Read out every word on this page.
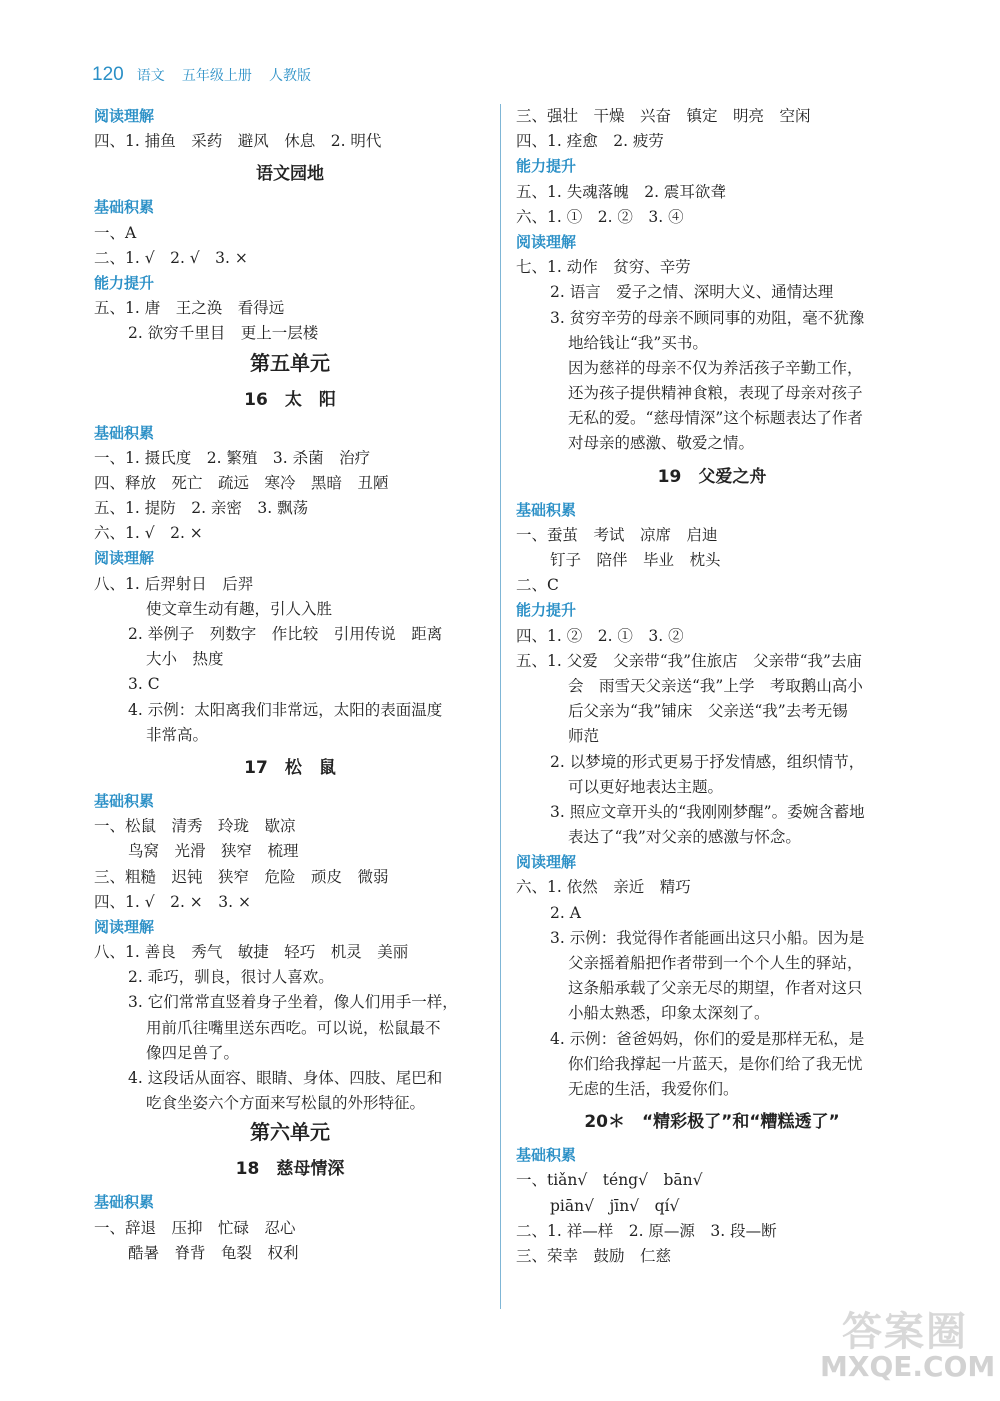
120 语文 五年级上册 人教版
阅读理解
四、1. 捕鱼　采药　避风　休息　2. 明代
语文园地
基础积累
一、A
二、1. √　2. √　3. ×
能力提升
五、1. 唐　王之涣　看得远
2. 欲穷千里目　更上一层楼
第五单元
16　太　阳
基础积累
一、1. 摄氏度　2. 繁殖　3. 杀菌　治疗
四、释放　死亡　疏远　寒冷　黑暗　丑陋
五、1. 提防　2. 亲密　3. 飘荡
六、1. √　2. ×
阅读理解
八、1. 后羿射日　后羿
使文章生动有趣，引人入胜
2. 举例子　列数字　作比较　引用传说　距离
大小　热度
3. C
4. 示例：太阳离我们非常远，太阳的表面温度
非常高。
17　松　鼠
基础积累
一、松鼠　清秀　玲珑　歇凉
鸟窝　光滑　狭窄　梳理
三、粗糙　迟钝　狭窄　危险　顽皮　微弱
四、1. √　2. ×　3. ×
阅读理解
八、1. 善良　秀气　敏捷　轻巧　机灵　美丽
2. 乖巧，驯良，很讨人喜欢。
3. 它们常常直竖着身子坐着，像人们用手一样，
用前爪往嘴里送东西吃。可以说，松鼠最不
像四足兽了。
4. 这段话从面容、眼睛、身体、四肢、尾巴和
吃食坐姿六个方面来写松鼠的外形特征。
第六单元
18　慈母情深
基础积累
一、辞退　压抑　忙碌　忍心
酷暑　脊背　龟裂　权利
三、强壮　干燥　兴奋　镇定　明亮　空闲
四、1. 痊愈　2. 疲劳
能力提升
五、1. 失魂落魄　2. 震耳欲聋
六、1. ①　2. ②　3. ④
阅读理解
七、1. 动作　贫穷、辛劳
2. 语言　爱子之情、深明大义、通情达理
3. 贫穷辛劳的母亲不顾同事的劝阻，毫不犹豫
地给钱让“我”买书。
因为慈祥的母亲不仅为养活孩子辛勤工作，
还为孩子提供精神食粮，表现了母亲对孩子
无私的爱。“慈母情深”这个标题表达了作者
对母亲的感激、敬爱之情。
19　父爱之舟
基础积累
一、蚕茧　考试　凉席　启迪
钉子　陪伴　毕业　枕头
二、C
能力提升
四、1. ②　2. ①　3. ②
五、1. 父爱　父亲带“我”住旅店　父亲带“我”去庙
会　雨雪天父亲送“我”上学　考取鹅山高小
后父亲为“我”铺床　父亲送“我”去考无锡
师范
2. 以梦境的形式更易于抒发情感，组织情节，
可以更好地表达主题。
3. 照应文章开头的“我刚刚梦醒”。委婉含蓄地
表达了“我”对父亲的感激与怀念。
阅读理解
六、1. 依然　亲近　精巧
2. A
3. 示例：我觉得作者能画出这只小船。因为是
父亲摇着船把作者带到一个个人生的驿站，
这条船承载了父亲无尽的期望，作者对这只
小船太熟悉，印象太深刻了。
4. 示例：爸爸妈妈，你们的爱是那样无私，是
你们给我撑起一片蓝天，是你们给了我无忧
无虑的生活，我爱你们。
20＊　“精彩极了”和“糟糕透了”
基础积累
一、tiǎn√　téng√　bān√
piān√　jīn√　qí√
二、1. 祥—样　2. 原—源　3. 段—断
三、荣幸　鼓励　仁慈
答案圈
MXQE.COM
